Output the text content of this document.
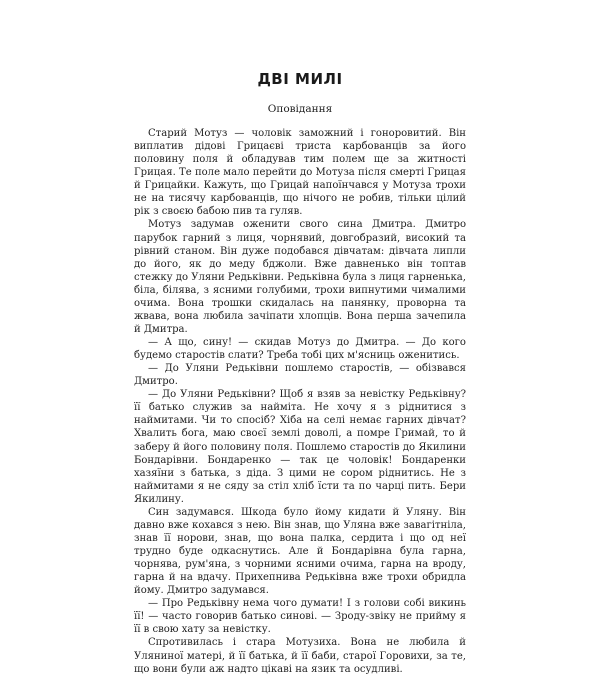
ДВІ МИЛІ
Оповідання

Старий Мотуз — чоловік заможний і гоноровитий. Він виплатив дідові Грицаєві триста карбованців за його половину поля й обладував тим полем ще за житності Грицая. Те поле мало перейти до Мотуза після смерті Грицая й Грицайки. Кажуть, що Грицай напоїнчався у Мотуза трохи не на тисячу карбованців, що нічого не робив, тільки цілий рік з своєю бабою пив та гуляв.

Мотуз задумав оженити свого сина Дмитра. Дмитро парубок гарний з лиця, чорнявий, довгобразий, високий та рівний станом. Він дуже подобався дівчатам: дівчата липли до його, як до меду бджоли. Вже давненько він топтав стежку до Уляни Редьківни. Редьківна була з лиця гарненька, біла, білява, з ясними голубими, трохи випнутими чималими очима. Вона трошки скидалась на панянку, проворна та жвава, вона любила зачіпати хлопців. Вона перша зачепила й Дмитра.

— А що, сину! — скидав Мотуз до Дмитра. — До кого будемо старостів слати? Треба тобі цих м'ясниць оженитись.

— До Уляни Редьківни пошлемо старостів, — обізвався Дмитро.

— До Уляни Редьківни? Щоб я взяв за невістку Редьківну? її батько служив за найміта. Не хочу я з ріднитися з наймитами. Чи то спосіб? Хіба на селі немає гарних дівчат? Хвалить бога, маю своєї землі доволі, а помре Гримай, то й заберу й його половину поля. Пошлемо старостів до Якилини Бондарівни. Бондаренко — так це чоловік! Бондаренки хазяїни з батька, з діда. З цими не сором ріднитись. Не з наймитами я не сяду за стіл хліб їсти та по чарці пить. Бери Якилину.

Син задумався. Шкода було йому кидати й Уляну. Він давно вже кохався з нею. Він знав, що Уляна вже завагітніла, знав її норови, знав, що вона палка, сердита і що од неї трудно буде одкаснутись. Але й Бондарівна була гарна, чорнява, рум'яна, з чорними ясними очима, гарна на вроду, гарна й на вдачу. Прихепнива Редьківна вже трохи обридла йому. Дмитро задумався.

— Про Редьківну нема чого думати! І з голови собі викинь її! — часто говорив батько синові. — Зроду-звіку не прийму я її в свою хату за невістку.

Спротивилась і стара Мотузиха. Вона не любила й Уляниної матері, й її батька, й її баби, старої Горовихи, за те, що вони були аж надто цікаві на язик та осудливі.
